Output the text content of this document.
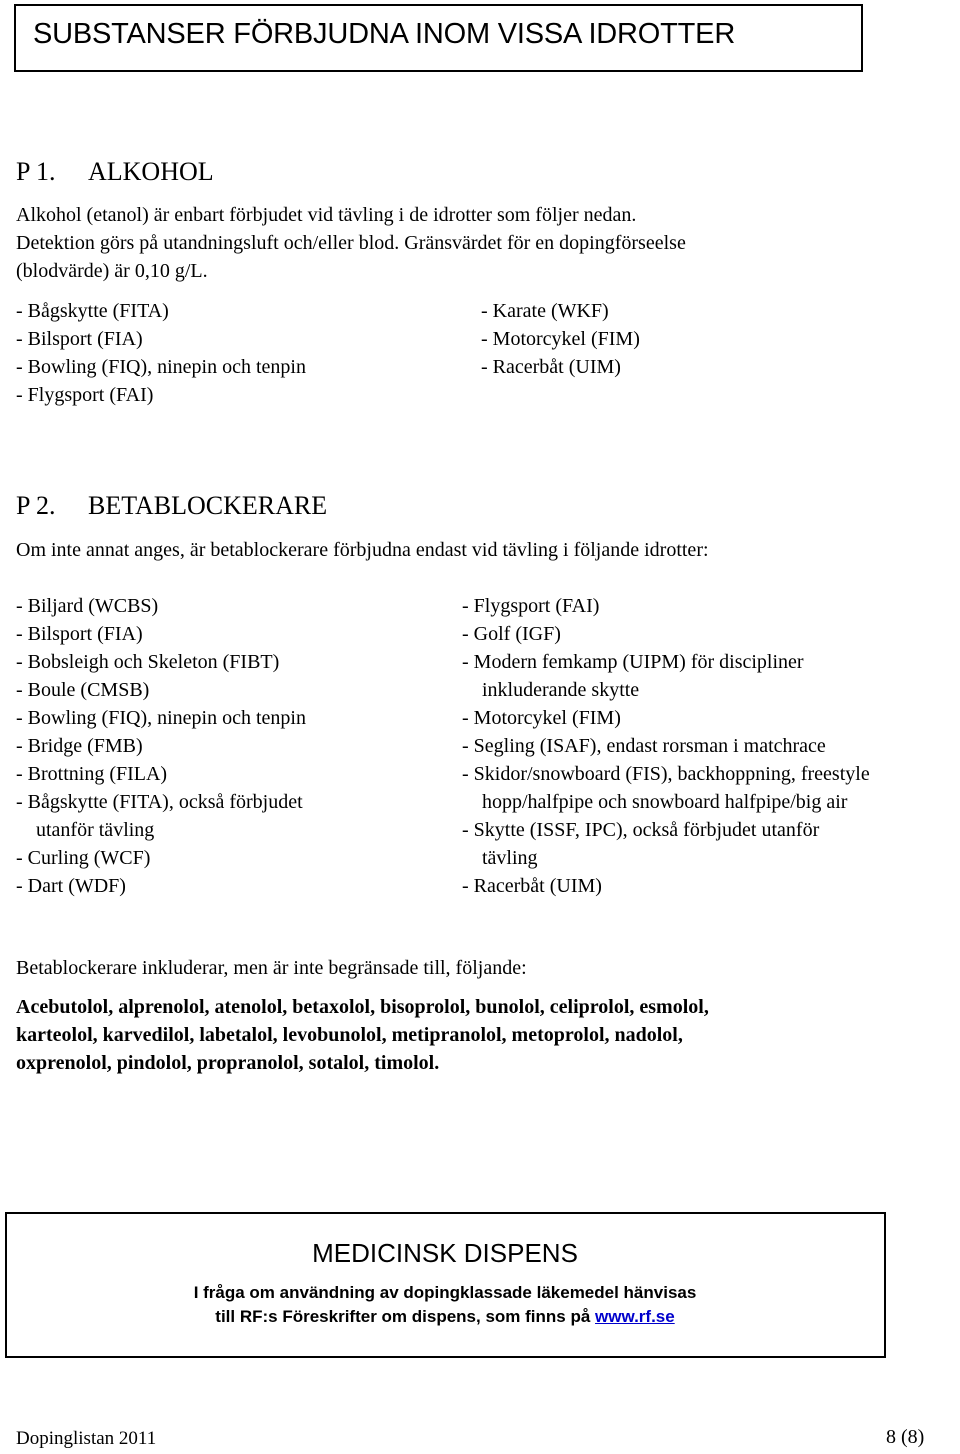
SUBSTANSER FÖRBJUDNA INOM VISSA IDROTTER
P 1. ALKOHOL
Alkohol (etanol) är enbart förbjudet vid tävling i de idrotter som följer nedan.
Detektion görs på utandningsluft och/eller blod. Gränsvärdet för en dopingförseelse
(blodvärde) är 0,10 g/L.
- Bågskytte (FITA)
- Bilsport (FIA)
- Bowling (FIQ), ninepin och tenpin
- Flygsport (FAI)
- Karate (WKF)
- Motorcykel (FIM)
- Racerbåt (UIM)
P 2. BETABLOCKERARE
Om inte annat anges, är betablockerare förbjudna endast vid tävling i följande idrotter:
- Biljard (WCBS)
- Bilsport (FIA)
- Bobsleigh och Skeleton (FIBT)
- Boule (CMSB)
- Bowling (FIQ), ninepin och tenpin
- Bridge (FMB)
- Brottning (FILA)
- Bågskytte (FITA), också förbjudet
utanför tävling
- Curling (WCF)
- Dart (WDF)
- Flygsport (FAI)
- Golf (IGF)
- Modern femkamp (UIPM) för discipliner
inkluderande skytte
- Motorcykel (FIM)
- Segling (ISAF), endast rorsman i matchrace
- Skidor/snowboard (FIS), backhoppning, freestyle
hopp/halfpipe och snowboard halfpipe/big air
- Skytte (ISSF, IPC), också förbjudet utanför
tävling
- Racerbåt (UIM)
Betablockerare inkluderar, men är inte begränsade till, följande:
Acebutolol, alprenolol, atenolol, betaxolol, bisoprolol, bunolol, celiprolol, esmolol,
karteolol, karvedilol, labetalol, levobunolol, metipranolol, metoprolol, nadolol,
oxprenolol, pindolol, propranolol, sotalol, timolol.
MEDICINSK DISPENS
I fråga om användning av dopingklassade läkemedel hänvisas
till RF:s Föreskrifter om dispens, som finns på www.rf.se
Dopinglistan 2011	8 (8)
